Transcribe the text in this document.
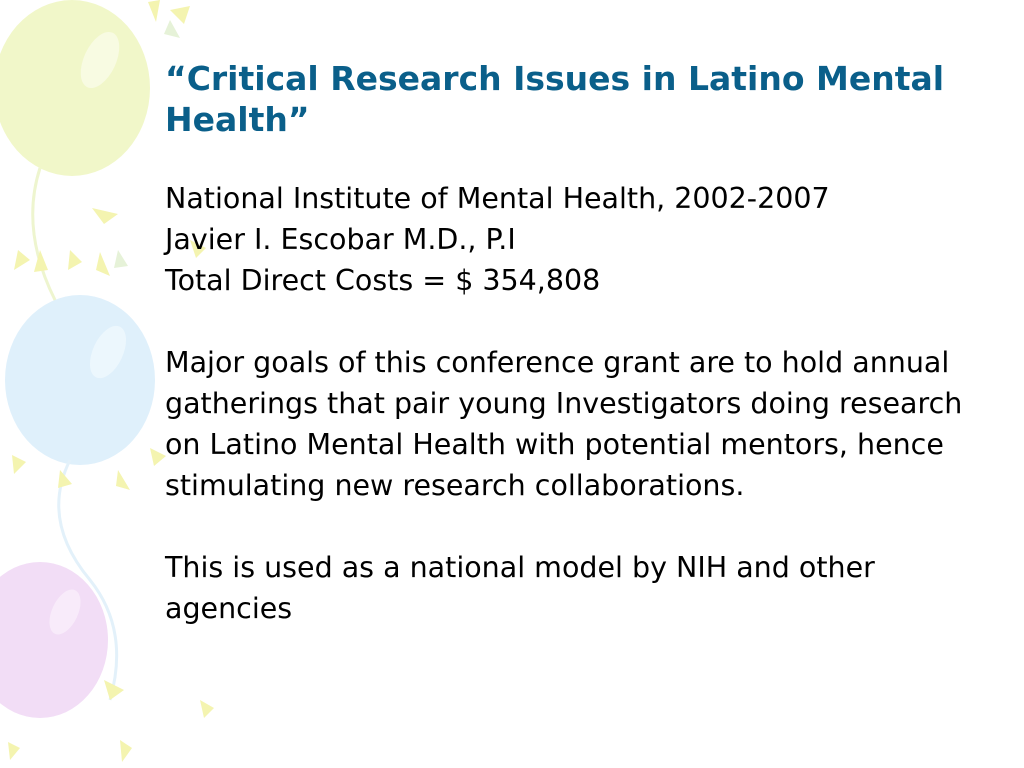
“Critical Research Issues in Latino Mental Health”

National Institute of Mental Health, 2002-2007

Javier I. Escobar M.D., P.I

Total Direct Costs = $ 354,808

Major goals of this conference grant are to hold annual gatherings that pair young Investigators doing research on Latino Mental Health with potential mentors, hence stimulating new research collaborations.

This is used as a national model by NIH and other agencies
